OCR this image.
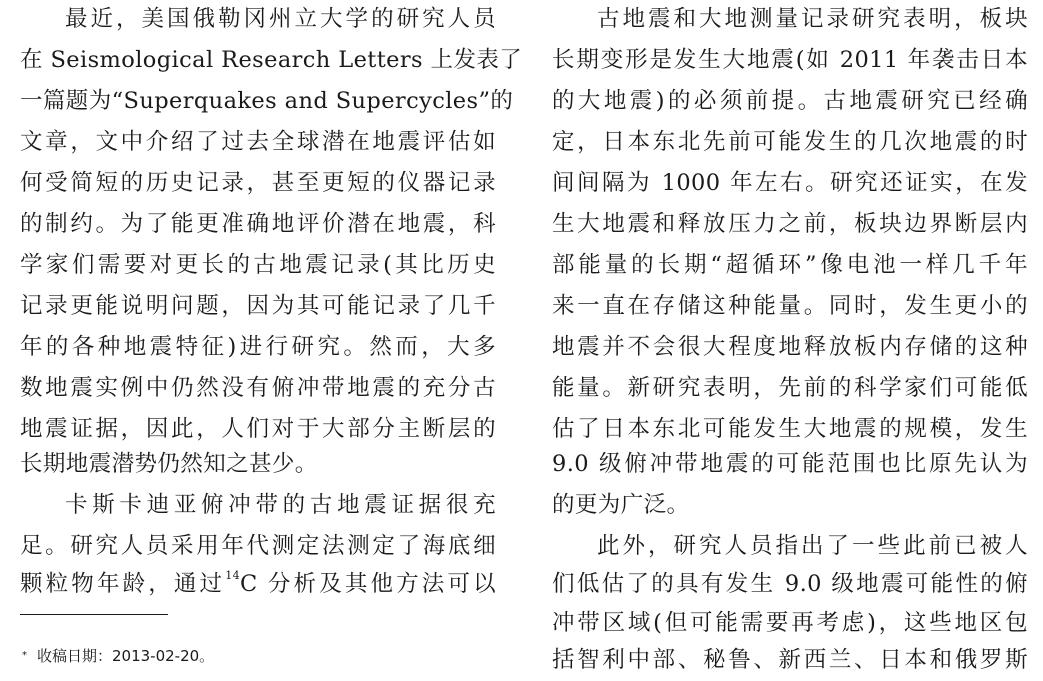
最近，美国俄勒冈州立大学的研究人员
在 Seismological Research Letters 上发表了
一篇题为“Superquakes and Supercycles”的
文章，文中介绍了过去全球潜在地震评估如
何受简短的历史记录，甚至更短的仪器记录
的制约。为了能更准确地评价潜在地震，科
学家们需要对更长的古地震记录(其比历史
记录更能说明问题，因为其可能记录了几千
年的各种地震特征)进行研究。然而，大多
数地震实例中仍然没有俯冲带地震的充分古
地震证据，因此，人们对于大部分主断层的
长期地震潜势仍然知之甚少。
卡斯卡迪亚俯冲带的古地震证据很充
足。研究人员采用年代测定法测定了海底细
颗粒物年龄，通过$^{14}$C 分析及其他方法可以
* 收稿日期：2013-02-20。
古地震和大地测量记录研究表明，板块
长期变形是发生大地震(如 2011 年袭击日本
的大地震)的必须前提。古地震研究已经确
定，日本东北先前可能发生的几次地震的时
间间隔为 1000 年左右。研究还证实，在发
生大地震和释放压力之前，板块边界断层内
部能量的长期“超循环”像电池一样几千年
来一直在存储这种能量。同时，发生更小的
地震并不会很大程度地释放板内存储的这种
能量。新研究表明，先前的科学家们可能低
估了日本东北可能发生大地震的规模，发生
9.0 级俯冲带地震的可能范围也比原先认为
的更为广泛。
此外，研究人员指出了一些此前已被人
们低估了的具有发生 9.0 级地震可能性的俯
冲带区域(但可能需要再考虑)，这些地区包
括智利中部、秘鲁、新西兰、日本和俄罗斯
